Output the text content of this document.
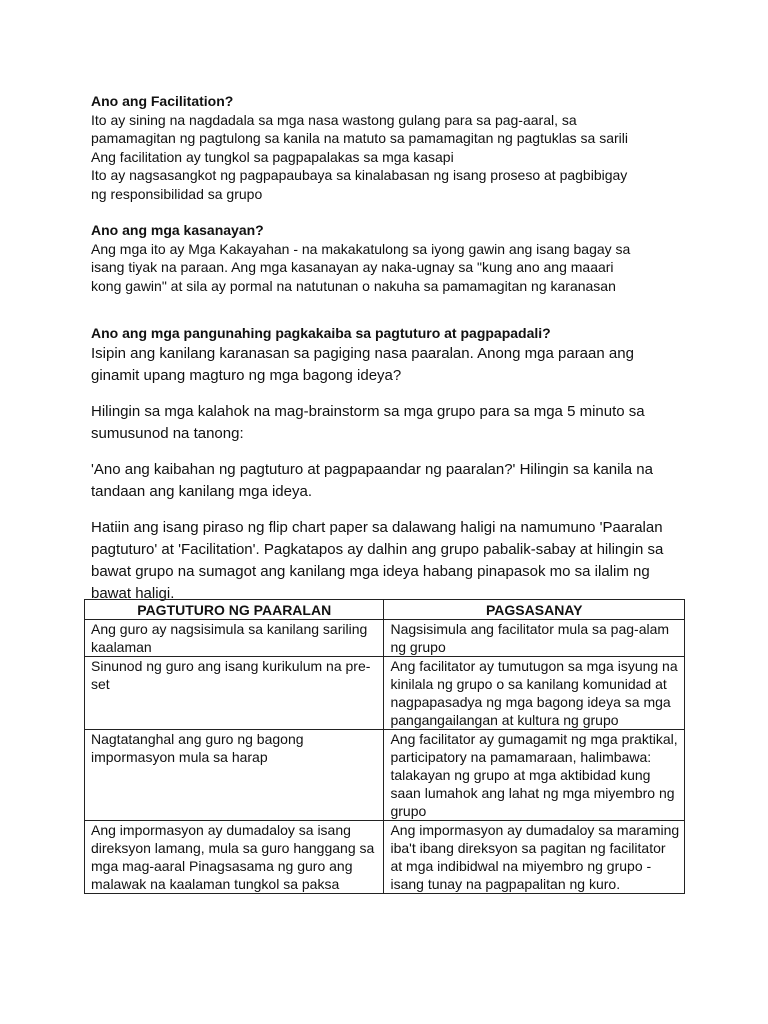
Ano ang Facilitation?

Ito ay sining na nagdadala sa mga nasa wastong gulang para sa pag-aaral, sa

pamamagitan ng pagtulong sa kanila na matuto sa pamamagitan ng pagtuklas sa sarili

Ang facilitation ay tungkol sa pagpapalakas sa mga kasapi

Ito ay nagsasangkot ng pagpapaubaya sa kinalabasan ng isang proseso at pagbibigay

ng responsibilidad sa grupo

Ano ang mga kasanayan?

Ang mga ito ay Mga Kakayahan - na makakatulong sa iyong gawin ang isang bagay sa

isang tiyak na paraan. Ang mga kasanayan ay naka-ugnay sa "kung ano ang maaari

kong gawin" at sila ay pormal na natutunan o nakuha sa pamamagitan ng karanasan

Ano ang mga pangunahing pagkakaiba sa pagtuturo at pagpapadali?

Isipin ang kanilang karanasan sa pagiging nasa paaralan. Anong mga paraan ang ginamit upang magturo ng mga bagong ideya?

Hilingin sa mga kalahok na mag-brainstorm sa mga grupo para sa mga 5 minuto sa sumusunod na tanong:

'Ano ang kaibahan ng pagtuturo at pagpapaandar ng paaralan?' Hilingin sa kanila na tandaan ang kanilang mga ideya.

Hatiin ang isang piraso ng flip chart paper sa dalawang haligi na namumuno 'Paaralan pagtuturo' at 'Facilitation'. Pagkatapos ay dalhin ang grupo pabalik-sabay at hilingin sa bawat grupo na sumagot ang kanilang mga ideya habang pinapasok mo sa ilalim ng bawat haligi.

PAGTUTURO NG PAARALAN	PAGSASANAY
Ang guro ay nagsisimula sa kanilang sariling kaalaman	Nagsisimula ang facilitator mula sa pag-alam ng grupo
Sinunod ng guro ang isang kurikulum na pre-set	Ang facilitator ay tumutugon sa mga isyung na kinilala ng grupo o sa kanilang komunidad at nagpapasadya ng mga bagong ideya sa mga pangangailangan at kultura ng grupo
Nagtatanghal ang guro ng bagong impormasyon mula sa harap	Ang facilitator ay gumagamit ng mga praktikal, participatory na pamamaraan, halimbawa: talakayan ng grupo at mga aktibidad kung saan lumahok ang lahat ng mga miyembro ng grupo
Ang impormasyon ay dumadaloy sa isang direksyon lamang, mula sa guro hanggang sa mga mag-aaral Pinagsasama ng guro ang malawak na kaalaman tungkol sa paksa	Ang impormasyon ay dumadaloy sa maraming iba't ibang direksyon sa pagitan ng facilitator at mga indibidwal na miyembro ng grupo - isang tunay na pagpapalitan ng kuro.
